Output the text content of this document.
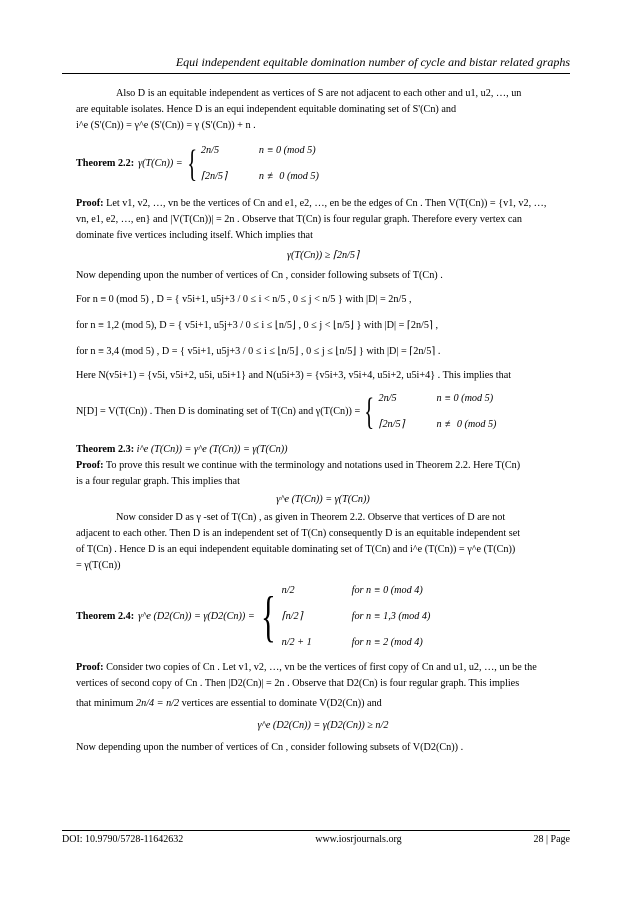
Equi independent equitable domination number of cycle and bistar related graphs

Also D is an equitable independent as vertices of S are not adjacent to each other and u1, u2, …, un

are equitable isolates. Hence D is an equi independent equitable dominating set of S'(Cn) and

i^e (S'(Cn)) = γ^e (S'(Cn)) = γ (S'(Cn)) + n .

Theorem 2.2: γ(T(Cn)) = { 2n/5	n ≡ 0 (mod 5)
⌈2n/5⌉	n ≢ 0 (mod 5)

Proof: Let v1, v2, …, vn be the vertices of Cn and e1, e2, …, en be the edges of Cn . Then V(T(Cn)) = {v1, v2, …,

vn, e1, e2, …, en} and |V(T(Cn))| = 2n . Observe that T(Cn) is four regular graph. Therefore every vertex can

dominate five vertices including itself. Which implies that

γ(T(Cn)) ≥ ⌈2n/5⌉

Now depending upon the number of vertices of Cn , consider following subsets of T(Cn) .

For n ≡ 0 (mod 5) , D = { v5i+1, u5j+3 / 0 ≤ i < n/5 , 0 ≤ j < n/5 } with |D| = 2n/5 ,

for n ≡ 1,2 (mod 5), D = { v5i+1, u5j+3 / 0 ≤ i ≤ ⌊n/5⌋ , 0 ≤ j < ⌊n/5⌋ } with |D| = ⌈2n/5⌉ ,

for n ≡ 3,4 (mod 5) , D = { v5i+1, u5j+3 / 0 ≤ i ≤ ⌊n/5⌋ , 0 ≤ j ≤ ⌊n/5⌋ } with |D| = ⌈2n/5⌉ .

Here N(v5i+1) = {v5i, v5i+2, u5i, u5i+1} and N(u5i+3) = {v5i+3, v5i+4, u5i+2, u5i+4} . This implies that

N[D] = V(T(Cn)) . Then D is dominating set of T(Cn) and γ(T(Cn)) = { 2n/5	n ≡ 0 (mod 5)
⌈2n/5⌉	n ≢ 0 (mod 5)

Theorem 2.3: i^e (T(Cn)) = γ^e (T(Cn)) = γ(T(Cn))

Proof: To prove this result we continue with the terminology and notations used in Theorem 2.2. Here T(Cn)

is a four regular graph. This implies that

γ^e (T(Cn)) = γ(T(Cn))

Now consider D as γ -set of T(Cn) , as given in Theorem 2.2. Observe that vertices of D are not

adjacent to each other. Then D is an independent set of T(Cn) consequently D is an equitable independent set

of T(Cn) . Hence D is an equi independent equitable dominating set of T(Cn) and i^e (T(Cn)) = γ^e (T(Cn))

= γ(T(Cn))

Theorem 2.4: γ^e (D2(Cn)) = γ(D2(Cn)) = { n/2	for n ≡ 0 (mod 4)
⌈n/2⌉	for n ≡ 1,3 (mod 4)
n/2 + 1	for n ≡ 2 (mod 4)

Proof: Consider two copies of Cn . Let v1, v2, …, vn be the vertices of first copy of Cn and u1, u2, …, un be the

vertices of second copy of Cn . Then |D2(Cn)| = 2n . Observe that D2(Cn) is four regular graph. This implies

that minimum 2n/4 = n/2 vertices are essential to dominate V(D2(Cn)) and

γ^e (D2(Cn)) = γ(D2(Cn)) ≥ n/2

Now depending upon the number of vertices of Cn , consider following subsets of V(D2(Cn)) .

DOI: 10.9790/5728-11642632	www.iosrjournals.org	28 | Page
